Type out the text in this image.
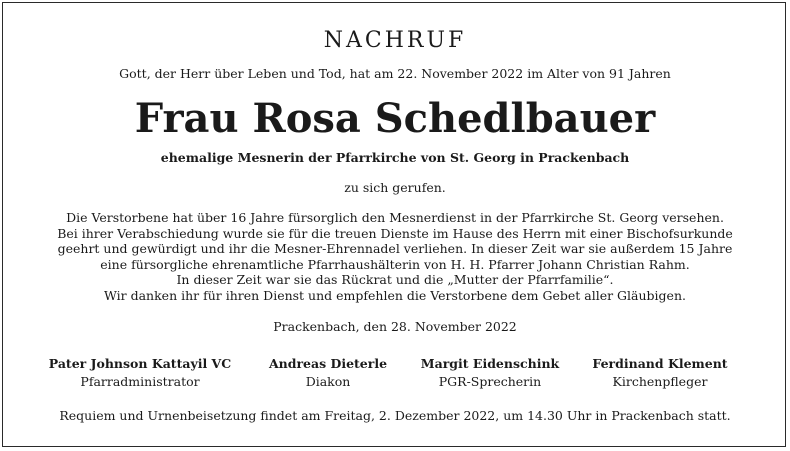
NACHRUF
Gott, der Herr über Leben und Tod, hat am 22. November 2022 im Alter von 91 Jahren
Frau Rosa Schedlbauer
ehemalige Mesnerin der Pfarrkirche von St. Georg in Prackenbach
zu sich gerufen.
Die Verstorbene hat über 16 Jahre fürsorglich den Mesnerdienst in der Pfarrkirche St. Georg versehen.
Bei ihrer Verabschiedung wurde sie für die treuen Dienste im Hause des Herrn mit einer Bischofsurkunde
geehrt und gewürdigt und ihr die Mesner-Ehrennadel verliehen. In dieser Zeit war sie außerdem 15 Jahre
eine fürsorgliche ehrenamtliche Pfarrhaushälterin von H. H. Pfarrer Johann Christian Rahm.
In dieser Zeit war sie das Rückrat und die „Mutter der Pfarrfamilie“.
Wir danken ihr für ihren Dienst und empfehlen die Verstorbene dem Gebet aller Gläubigen.
Prackenbach, den 28. November 2022
Pater Johnson Kattayil VC
Pfarradministrator
Andreas Dieterle
Diakon
Margit Eidenschink
PGR-Sprecherin
Ferdinand Klement
Kirchenpfleger
Requiem und Urnenbeisetzung findet am Freitag, 2. Dezember 2022, um 14.30 Uhr in Prackenbach statt.
